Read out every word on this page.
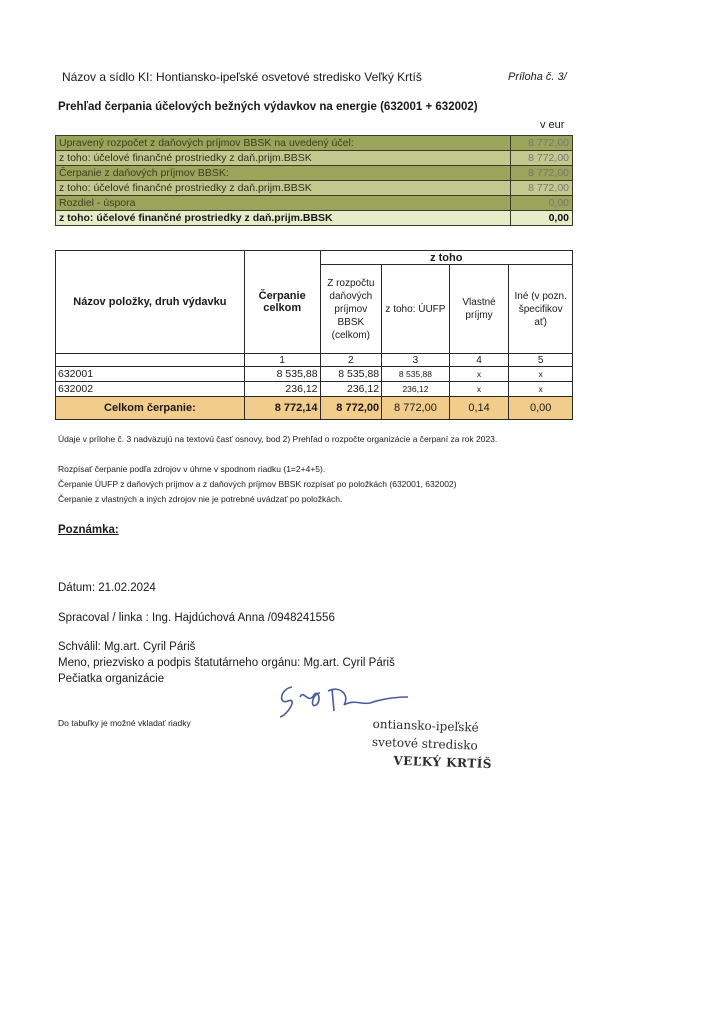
Názov a sídlo KI: Hontiansko-ipeľské osvetové stredisko Veľký Krtíš	Príloha č. 3/
Prehľad čerpania účelových bežných výdavkov na energie (632001 + 632002)
v eur
Upravený rozpočet z daňových príjmov BBSK na uvedený účel:	8 772,00
z toho: účelové finančné prostriedky z daň.prijm.BBSK	8 772,00
Čerpanie z daňových príjmov BBSK:	8 772,00
z toho: účelové finančné prostriedky z daň.prijm.BBSK	8 772,00
Rozdiel - úspora	0,00
z toho: účelové finančné prostriedky z daň.prijm.BBSK	0,00
Názov položky, druh výdavku	Čerpanie celkom	z toho			
		Z rozpočtu daňových príjmov BBSK (celkom)	z toho: ÚUFP	Vlastné príjmy	Iné (v pozn. špecifikov ať)
	1	2	3	4	5
632001	8 535,88	8 535,88	8 535,88	x	x
632002	236,12	236,12	236,12	x	x
Celkom čerpanie:	8 772,14	8 772,00	8 772,00	0,14	0,00
Údaje v prílohe č. 3 nadväzujú na textovú časť osnovy, bod 2) Prehľad o rozpočte organizácie a čerpaní za rok 2023.
Rozpísať čerpanie podľa zdrojov v úhrne v spodnom riadku (1=2+4+5).
Čerpanie ÚUFP z daňových príjmov a z daňových príjmov BBSK rozpísať po položkách (632001, 632002)
Čerpanie z vlastných a iných zdrojov nie je potrebné uvádzať po položkách.
Poznámka:
Dátum: 21.02.2024
Spracoval / linka : Ing. Hajdúchová Anna /0948241556
Schválil: Mg.art. Cyril Páriš
Meno, priezvisko a podpis štatutárneho orgánu: Mg.art. Cyril Páriš
Pečiatka organizácie
Do tabuľky je možné vkladať riadky	ontiansko-ipeľské
svetové stredisko
VEĽKÝ KRTÍŠ
